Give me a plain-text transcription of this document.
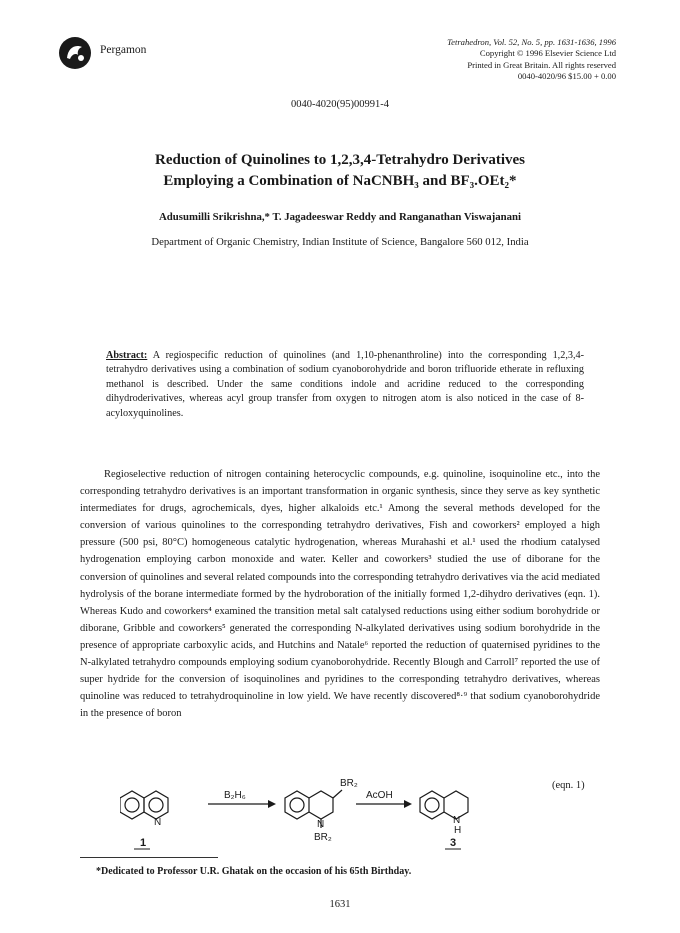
Pergamon
Tetrahedron, Vol. 52, No. 5, pp. 1631-1636, 1996
Copyright © 1996 Elsevier Science Ltd
Printed in Great Britain. All rights reserved
0040-4020/96 $15.00 + 0.00
0040-4020(95)00991-4
Reduction of Quinolines to 1,2,3,4-Tetrahydro Derivatives
Employing a Combination of NaCNBH₃ and BF₃.OEt₂*
Adusumilli Srikrishna,* T. Jagadeeswar Reddy and Ranganathan Viswajanani
Department of Organic Chemistry, Indian Institute of Science, Bangalore 560 012, India
Abstract: A regiospecific reduction of quinolines (and 1,10-phenanthroline) into the corresponding 1,2,3,4-tetrahydro derivatives using a combination of sodium cyanoborohydride and boron trifluoride etherate in refluxing methanol is described. Under the same conditions indole and acridine reduced to the corresponding dihydroderivatives, whereas acyl group transfer from oxygen to nitrogen atom is also noticed in the case of 8-acyloxyquinolines.

Regioselective reduction of nitrogen containing heterocyclic compounds, e.g. quinoline, isoquinoline etc., into the corresponding tetrahydro derivatives is an important transformation in organic synthesis, since they serve as key synthetic intermediates for drugs, agrochemicals, dyes, higher alkaloids etc.¹ Among the several methods developed for the conversion of various quinolines to the corresponding tetrahydro derivatives, Fish and coworkers² employed a high pressure (500 psi, 80°C) homogeneous catalytic hydrogenation, whereas Murahashi et al.¹ used the rhodium catalysed hydrogenation employing carbon monoxide and water. Keller and coworkers³ studied the use of diborane for the conversion of quinolines and several related compounds into the corresponding tetrahydro derivatives via the acid mediated hydrolysis of the borane intermediate formed by the hydroboration of the initially formed 1,2-dihydro derivatives (eqn. 1). Whereas Kudo and coworkers⁴ examined the transition metal salt catalysed reductions using either sodium borohydride or diborane, Gribble and coworkers⁵ generated the corresponding N-alkylated derivatives using sodium borohydride in the presence of appropriate carboxylic acids, and Hutchins and Natale⁶ reported the reduction of quaternised pyridines to the N-alkylated tetrahydro compounds employing sodium cyanoborohydride. Recently Blough and Carroll⁷ reported the use of super hydride for the conversion of isoquinolines and pyridines to the corresponding tetrahydro derivatives, whereas quinoline was reduced to tetrahydroquinoline in low yield. We have recently discovered⁸·⁹ that sodium cyanoborohydride in the presence of boron

N
1
B₂H₆
BR₂
N
BR₂
AcOH
N
H
3
(eqn. 1)
*Dedicated to Professor U.R. Ghatak on the occasion of his 65th Birthday.
1631
